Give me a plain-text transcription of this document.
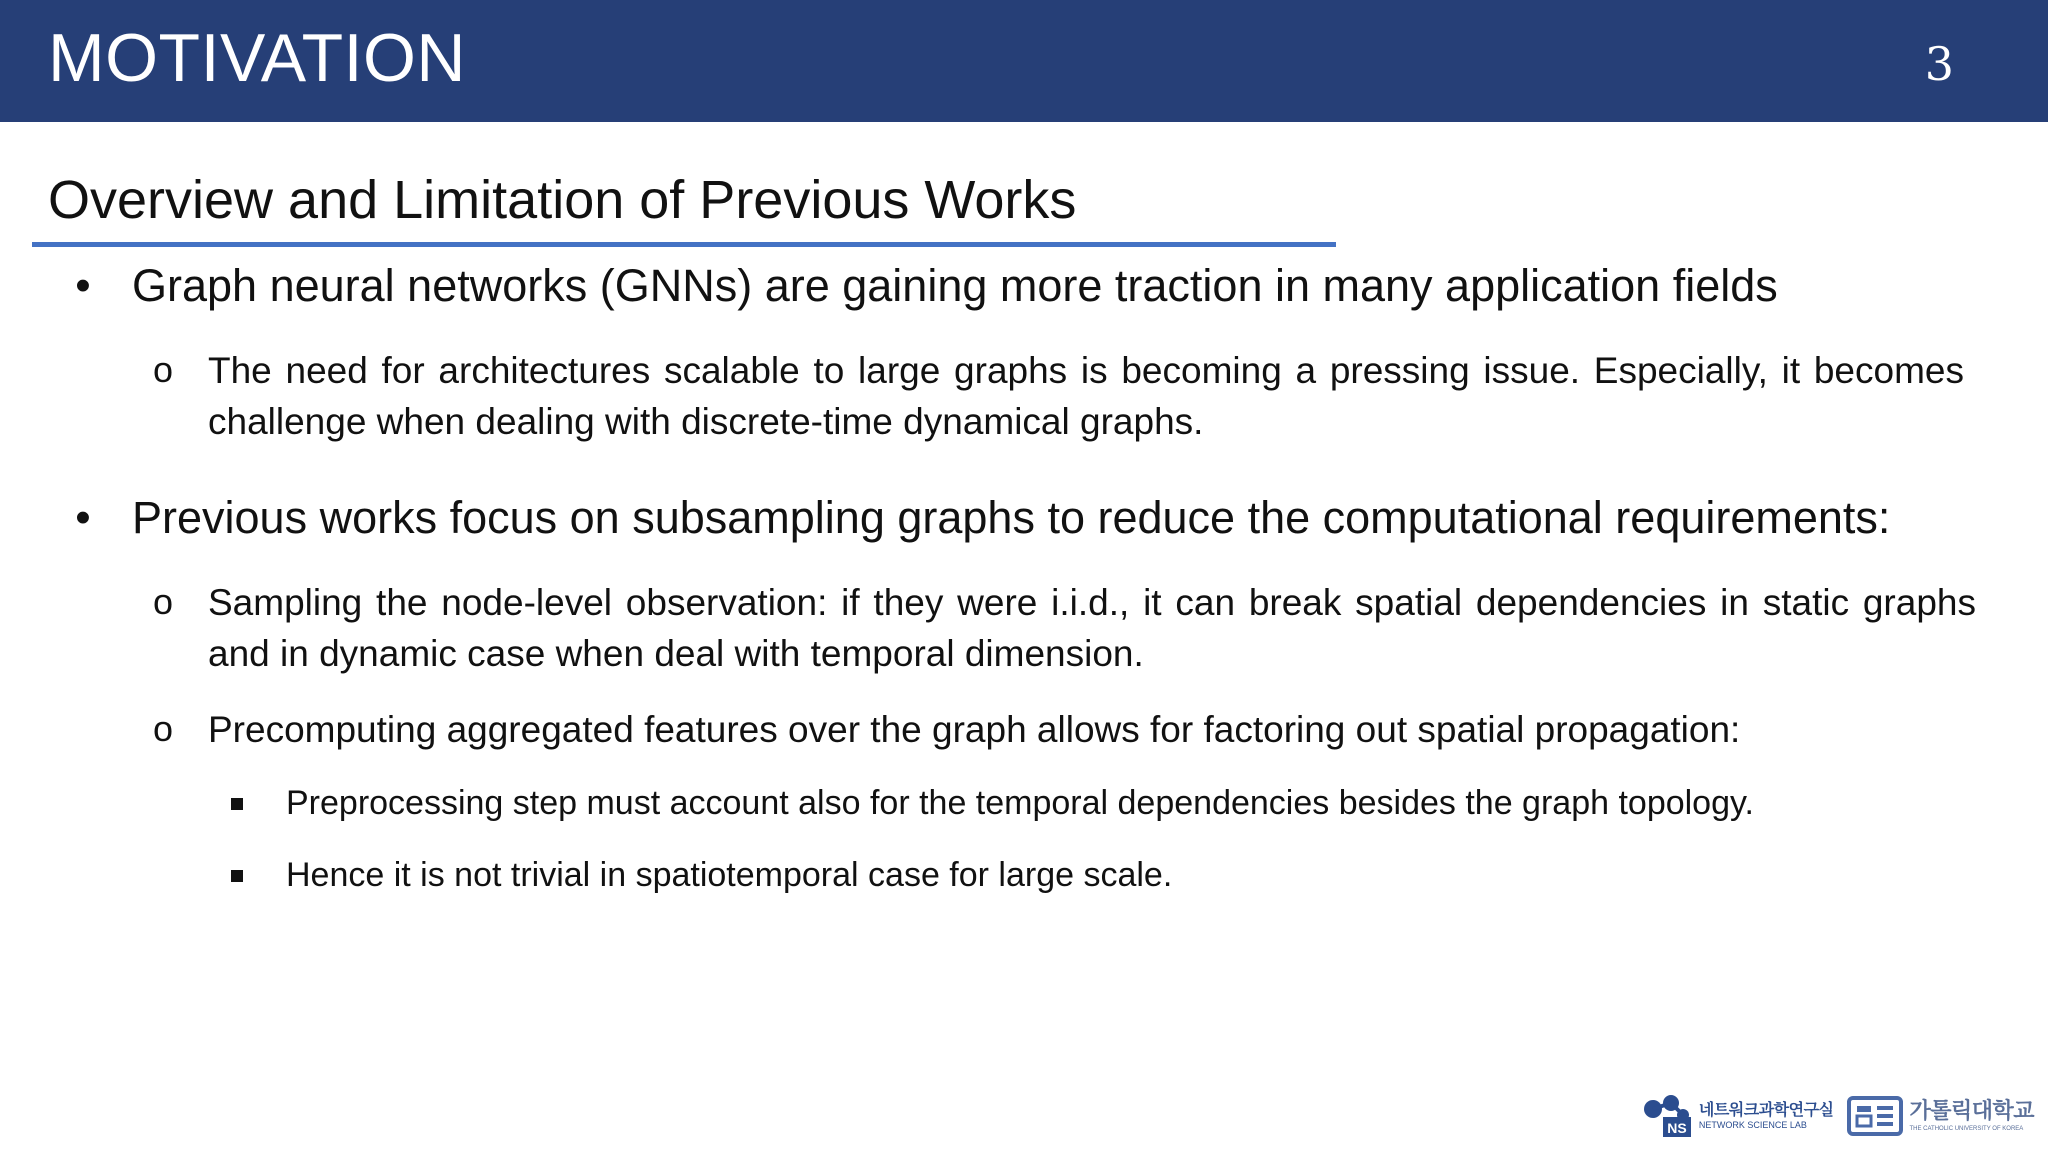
MOTIVATION	3
Overview and Limitation of Previous Works
• Graph neural networks (GNNs) are gaining more traction in many application fields
o The need for architectures scalable to large graphs is becoming a pressing issue. Especially, it becomes challenge when dealing with discrete-time dynamical graphs.
• Previous works focus on subsampling graphs to reduce the computational requirements:
o Sampling the node-level observation: if they were i.i.d., it can break spatial dependencies in static graphs and in dynamic case when deal with temporal dimension.
o Precomputing aggregated features over the graph allows for factoring out spatial propagation:
Preprocessing step must account also for the temporal dependencies besides the graph topology.
Hence it is not trivial in spatiotemporal case for large scale.
NS
네트워크과학연구실
NETWORK SCIENCE LAB
가톨릭대학교
THE CATHOLIC UNIVERSITY OF KOREA
